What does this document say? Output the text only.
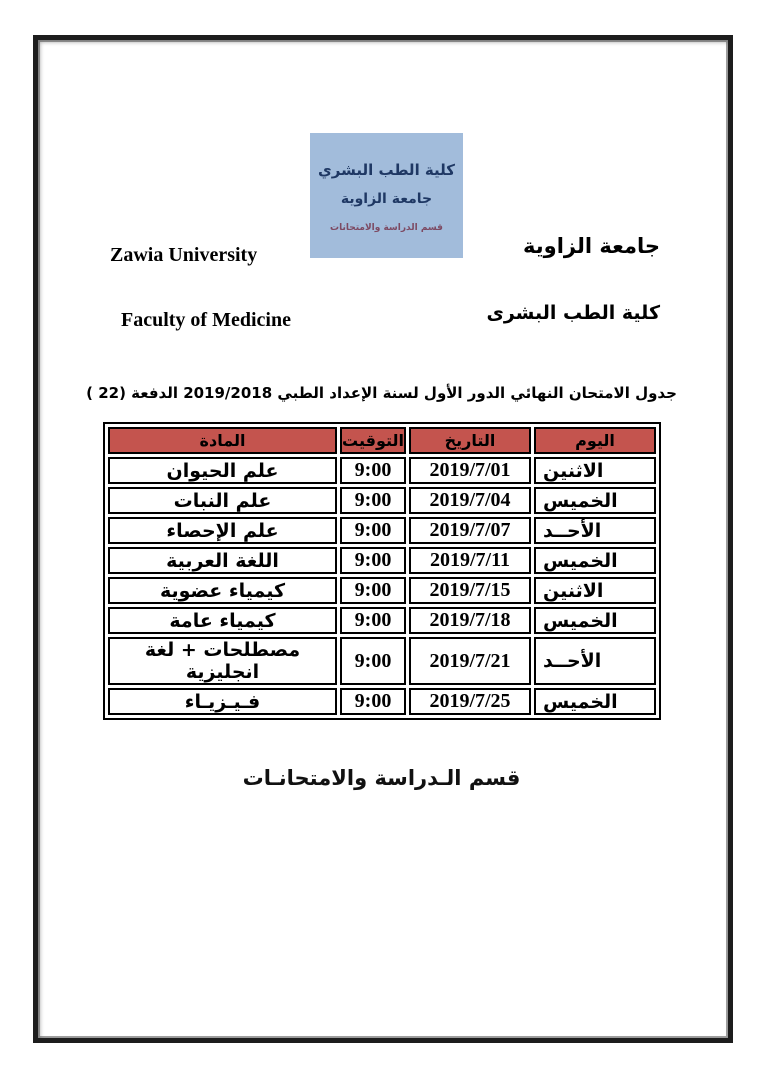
كلية الطب البشري
جامعة الزاوية
قسم الدراسة والامتحانات
جامعة الزاوية
Zawia University
كلية الطب البشرى
Faculty of Medicine
جدول الامتحان النهائي الدور الأول لسنة الإعداد الطبي 2019/2018 الدفعة (22 )
اليوم	التاريخ	التوقيت	المادة
الاثنين	2019/7/01	9:00	علم الحيوان
الخميس	2019/7/04	9:00	علم النبات
الأحــد	2019/7/07	9:00	علم الإحصاء
الخميس	2019/7/11	9:00	اللغة العربية
الاثنين	2019/7/15	9:00	كيمياء عضوية
الخميس	2019/7/18	9:00	كيمياء عامة
الأحــد	2019/7/21	9:00	مصطلحات + لغة انجليزية
الخميس	2019/7/25	9:00	فـيـزيـاء
قسم الـدراسة والامتحانـات
